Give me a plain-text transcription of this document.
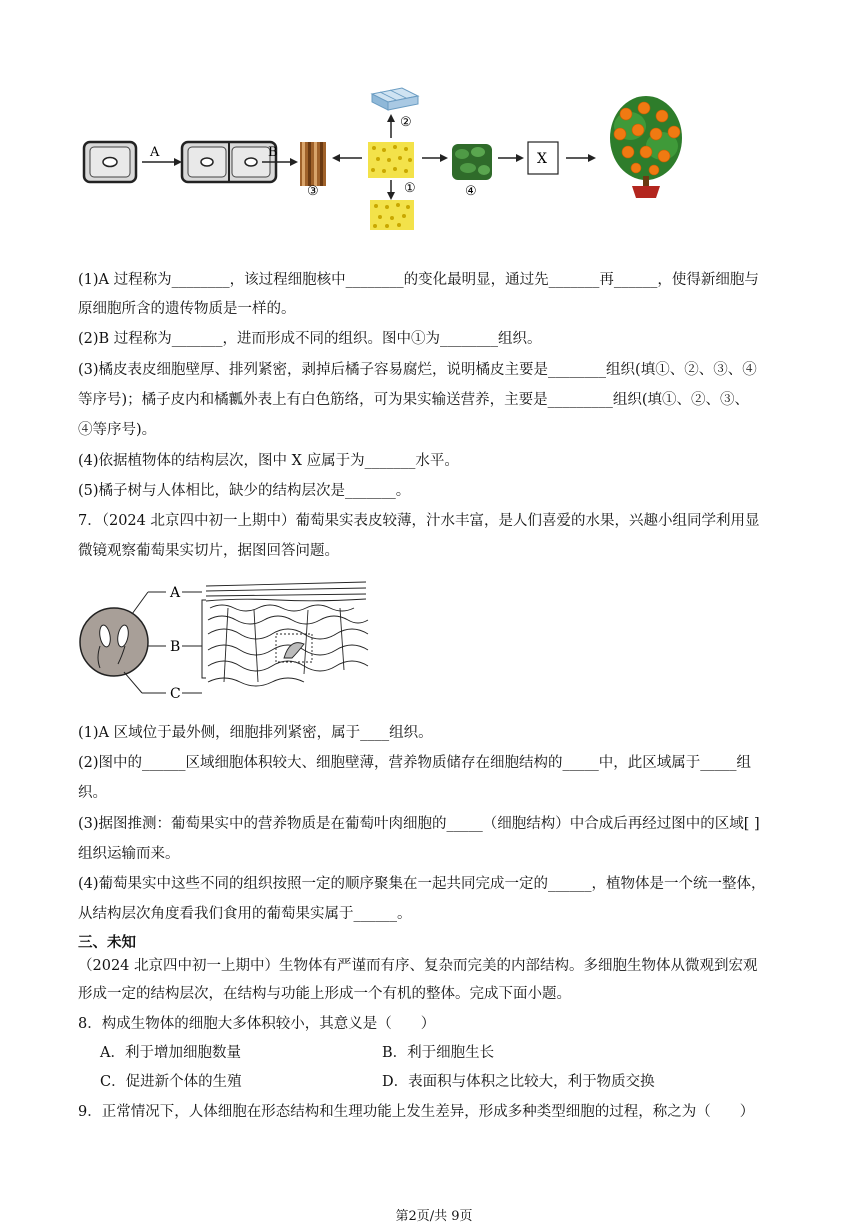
A	B
③
②
①	④
X
(1)A 过程称为________，该过程细胞核中________的变化最明显，通过先_______再______，使得新细胞与
原细胞所含的遗传物质是一样的。
(2)B 过程称为_______，进而形成不同的组织。图中①为________组织。
(3)橘皮表皮细胞壁厚、排列紧密，剥掉后橘子容易腐烂，说明橘皮主要是________组织(填①、②、③、④
等序号)；橘子皮内和橘瓤外表上有白色筋络，可为果实输送营养，主要是_________组织(填①、②、③、
④等序号)。
(4)依据植物体的结构层次，图中 X 应属于为_______水平。
(5)橘子树与人体相比，缺少的结构层次是_______。
7．（2024 北京四中初一上期中）葡萄果实表皮较薄，汁水丰富，是人们喜爱的水果，兴趣小组同学利用显
微镜观察葡萄果实切片，据图回答问题。
A
B
C
(1)A 区域位于最外侧，细胞排列紧密，属于____组织。
(2)图中的______区域细胞体积较大、细胞壁薄，营养物质储存在细胞结构的_____中，此区域属于_____组
织。
(3)据图推测：葡萄果实中的营养物质是在葡萄叶肉细胞的_____（细胞结构）中合成后再经过图中的区域[ ]
组织运输而来。
(4)葡萄果实中这些不同的组织按照一定的顺序聚集在一起共同完成一定的______，植物体是一个统一整体，
从结构层次角度看我们食用的葡萄果实属于______。
三、未知
（2024 北京四中初一上期中）生物体有严谨而有序、复杂而完美的内部结构。多细胞生物体从微观到宏观
形成一定的结构层次，在结构与功能上形成一个有机的整体。完成下面小题。
8．构成生物体的细胞大多体积较小，其意义是（　　）
A．利于增加细胞数量	B．利于细胞生长
C．促进新个体的生殖	D．表面积与体积之比较大，利于物质交换
9．正常情况下，人体细胞在形态结构和生理功能上发生差异，形成多种类型细胞的过程，称之为（　　）
第2页/共 9页
